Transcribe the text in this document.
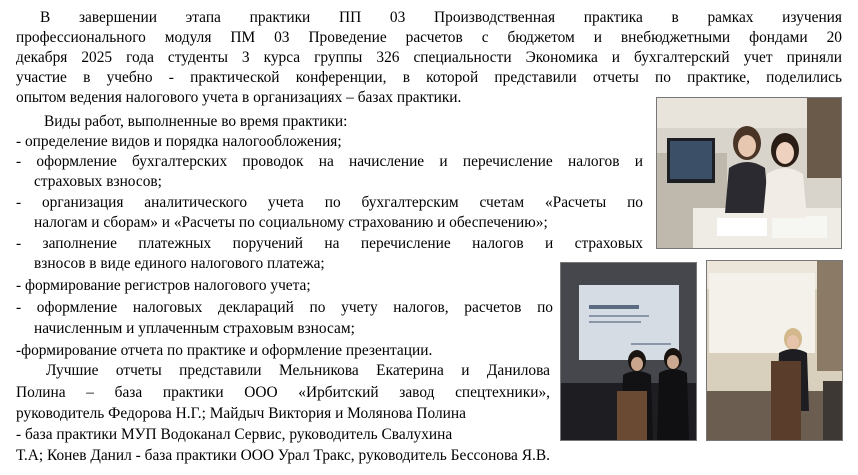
В завершении этапа практики ПП 03 Производственная практика в рамках изучения
профессионального модуля ПМ 03 Проведение расчетов с бюджетом и внебюджетными фондами 20
декабря 2025 года студенты 3 курса группы 326 специальности Экономика и бухгалтерский учет приняли
участие в учебно - практической конференции, в которой представили отчеты по практике, поделились
опытом ведения налогового учета в организациях – базах практики.
Виды работ, выполненные во время практики:
- определение видов и порядка налогообложения;
- оформление бухгалтерских проводок на начисление и перечисление налогов и
страховых взносов;
- организация аналитического учета по бухгалтерским счетам «Расчеты по
налогам и сборам» и «Расчеты по социальному страхованию и обеспечению»;
- заполнение платежных поручений на перечисление налогов и страховых
взносов в виде единого налогового платежа;
- формирование регистров налогового учета;
- оформление налоговых деклараций по учету налогов, расчетов по
начисленным и уплаченным страховым взносам;
-формирование отчета по практике и оформление презентации.
Лучшие отчеты представили Мельникова Екатерина и Данилова
Полина – база практики ООО «Ирбитский завод спецтехники»,
руководитель Федорова Н.Г.; Майдыч Виктория и Молянова Полина
- база практики МУП Водоканал Сервис, руководитель Свалухина
Т.А; Конев Данил - база практики ООО Урал Тракс, руководитель Бессонова Я.В.
